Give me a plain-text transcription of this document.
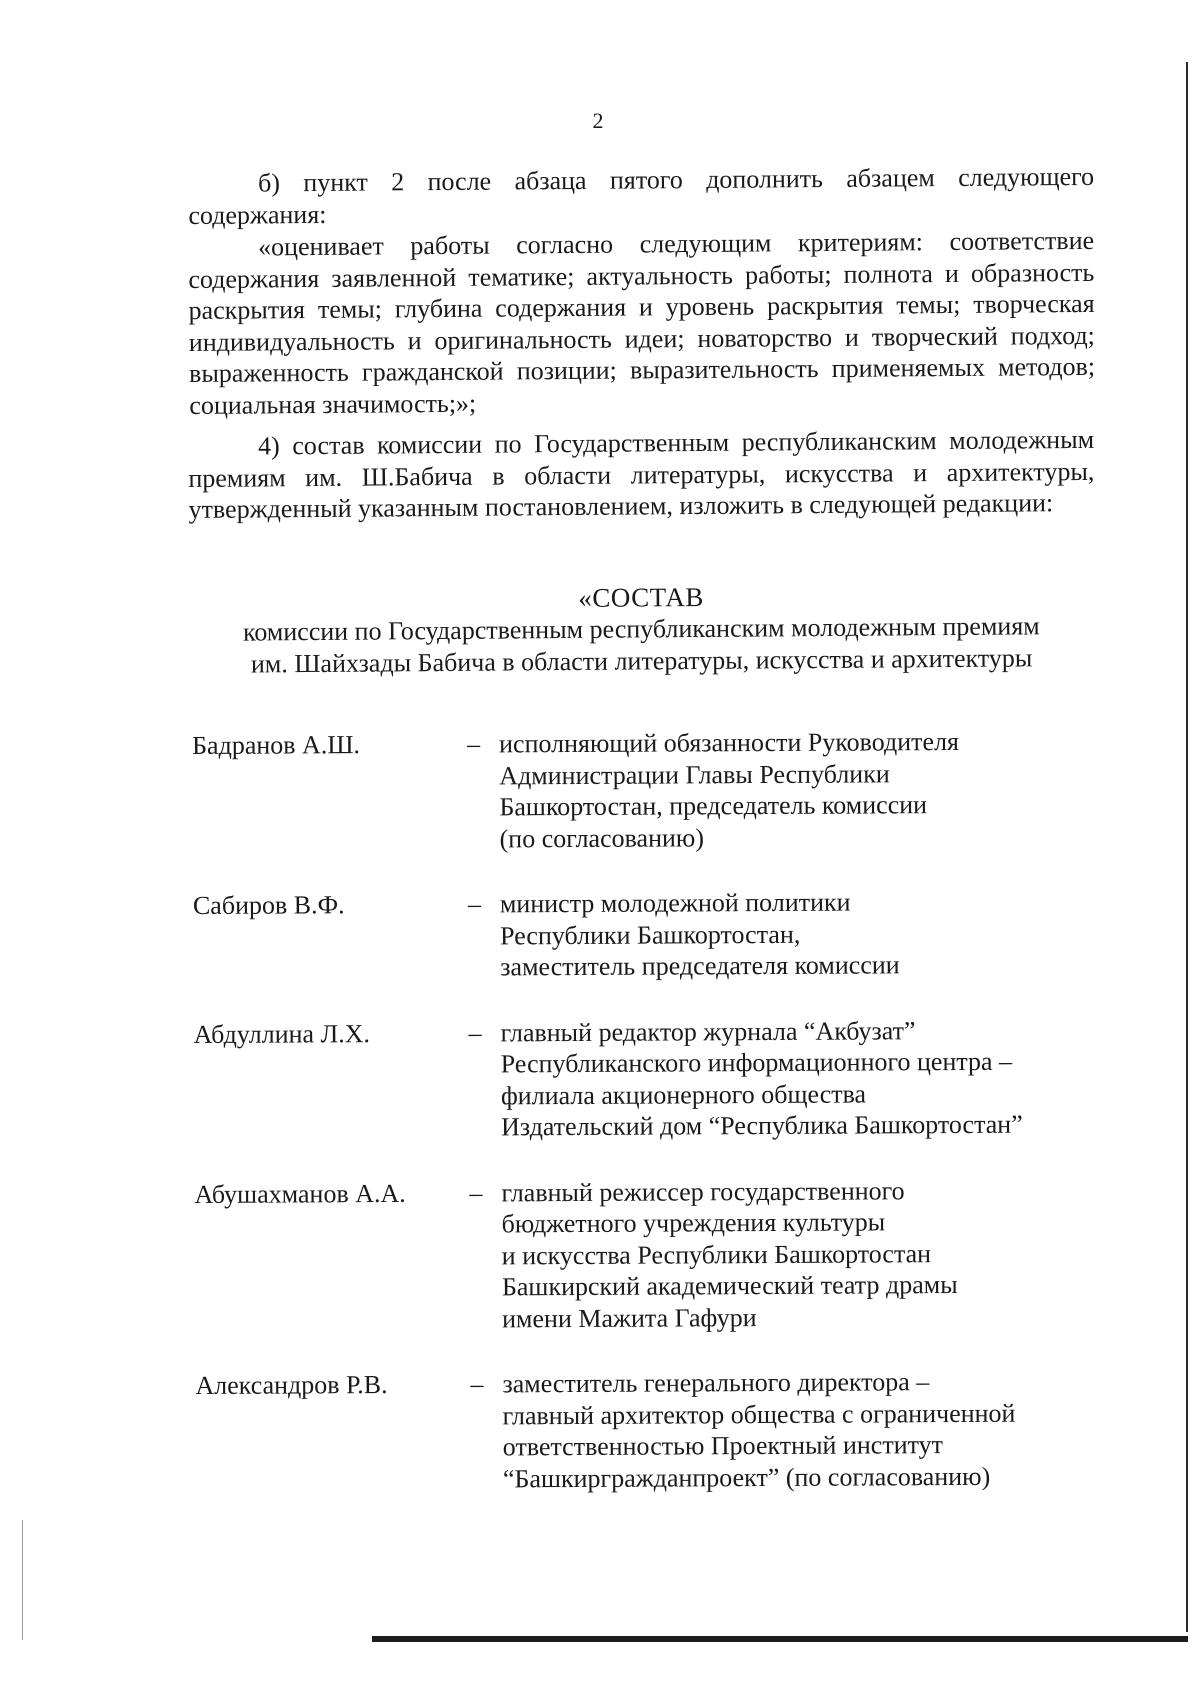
2

б) пункт 2 после абзаца пятого дополнить абзацем следующего содержания:

«оценивает работы согласно следующим критериям: соответствие содержания заявленной тематике; актуальность работы; полнота и образность раскрытия темы; глубина содержания и уровень раскрытия темы; творческая индивидуальность и оригинальность идеи; новаторство и творческий подход; выраженность гражданской позиции; выразительность применяемых методов; социальная значимость;»;

4) состав комиссии по Государственным республиканским молодежным премиям им. Ш.Бабича в области литературы, искусства и архитектуры, утвержденный указанным постановлением, изложить в следующей редакции:

«СОСТАВ
комиссии по Государственным республиканским молодежным премиям
им. Шайхзады Бабича в области литературы, искусства и архитектуры
Бадранов А.Ш.	– исполняющий обязанности Руководителя
Администрации Главы Республики
Башкортостан, председатель комиссии
(по согласованию)
Сабиров В.Ф.	– министр молодежной политики
Республики Башкортостан,
заместитель председателя комиссии
Абдуллина Л.Х.	– главный редактор журнала “Акбузат”
Республиканского информационного центра –
филиала акционерного общества
Издательский дом “Республика Башкортостан”
Абушахманов А.А.	– главный режиссер государственного
бюджетного учреждения культуры
и искусства Республики Башкортостан
Башкирский академический театр драмы
имени Мажита Гафури
Александров Р.В.	– заместитель генерального директора –
главный архитектор общества с ограниченной
ответственностью Проектный институт
“Башкиргражданпроект” (по согласованию)
